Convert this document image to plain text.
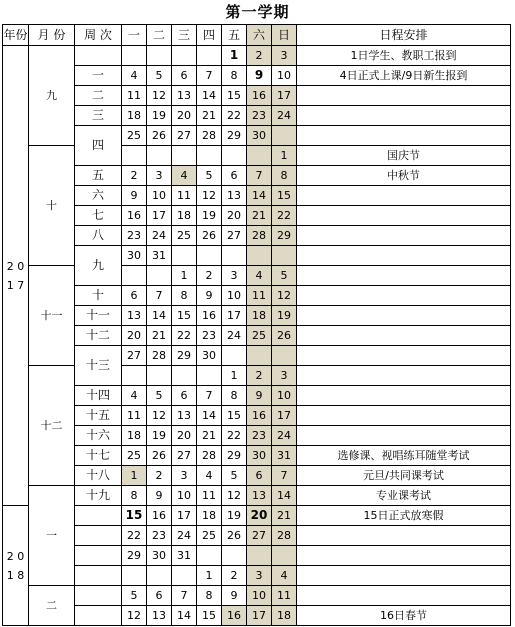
第一学期
年份	月 份	周 次	一	二	三	四	五	六	日	日程安排
2 0 1 7	九						1	2	3	1日学生、教职工报到
		一	4	5	6	7	8	9	10	4日正式上课/9日新生报到
		二	11	12	13	14	15	16	17	
		三	18	19	20	21	22	23	24	
		四	25	26	27	28	29	30		
	十								1	国庆节
		五	2	3	4	5	6	7	8	中秋节
		六	9	10	11	12	13	14	15	
		七	16	17	18	19	20	21	22	
		八	23	24	25	26	27	28	29	
		九	30	31						
	十一				1	2	3	4	5	
		十	6	7	8	9	10	11	12	
		十一	13	14	15	16	17	18	19	
		十二	20	21	22	23	24	25	26	
		十三	27	28	29	30				
	十二						1	2	3	
		十四	4	5	6	7	8	9	10	
		十五	11	12	13	14	15	16	17	
		十六	18	19	20	21	22	23	24	
		十七	25	26	27	28	29	30	31	选修课、视唱练耳随堂考试
		十八	1	2	3	4	5	6	7	元旦/共同课考试
	一	十九	8	9	10	11	12	13	14	专业课考试
2 0 1 8			15	16	17	18	19	20	21	15日正式放寒假
			22	23	24	25	26	27	28	
			29	30	31					
						1	2	3	4	
	二		5	6	7	8	9	10	11	
			12	13	14	15	16	17	18	16日春节
